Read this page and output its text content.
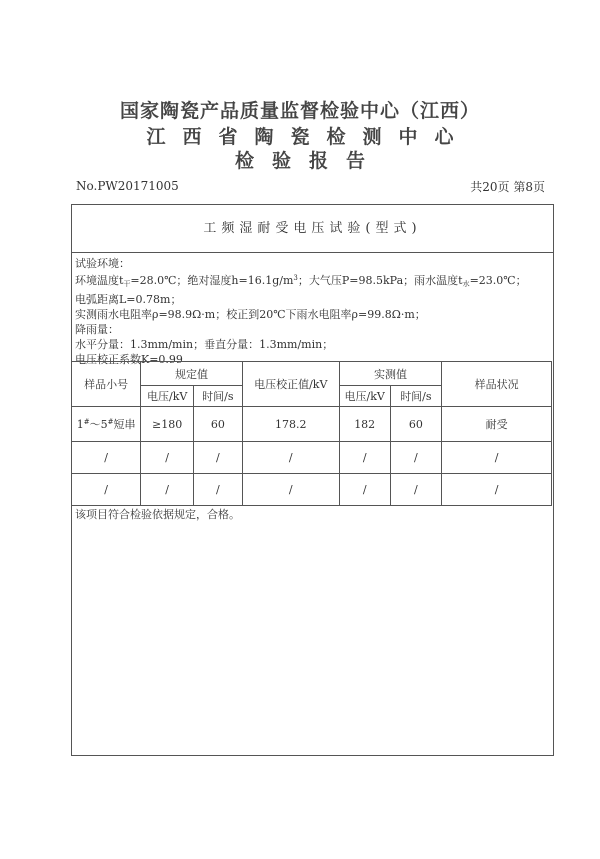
国家陶瓷产品质量监督检验中心（江西）
江西省陶瓷检测中心
检验报告
No.PW20171005	共20页 第8页
工频湿耐受电压试验(型式)
试验环境：
环境温度$t_干=28.0℃$；绝对湿度$h=16.1g/m^3$；大气压P=98.5kPa；雨水温度$t_水=23.0℃$；
电弧距离L=0.78m；
实测雨水电阻率ρ=98.9Ω·m；校正到20℃下雨水电阻率ρ=99.8Ω·m；
降雨量：
水平分量：1.3mm/min；垂直分量：1.3mm/min；
电压校正系数K=0.99
样品小号	规定值		电压校正值/kV	实测值		样品状况
	电压/kV	时间/s		电压/kV	时间/s	
1#～5#短串	≥180	60	178.2	182	60	耐受
/	/	/	/	/	/	/
/	/	/	/	/	/	/
该项目符合检验依据规定，合格。
